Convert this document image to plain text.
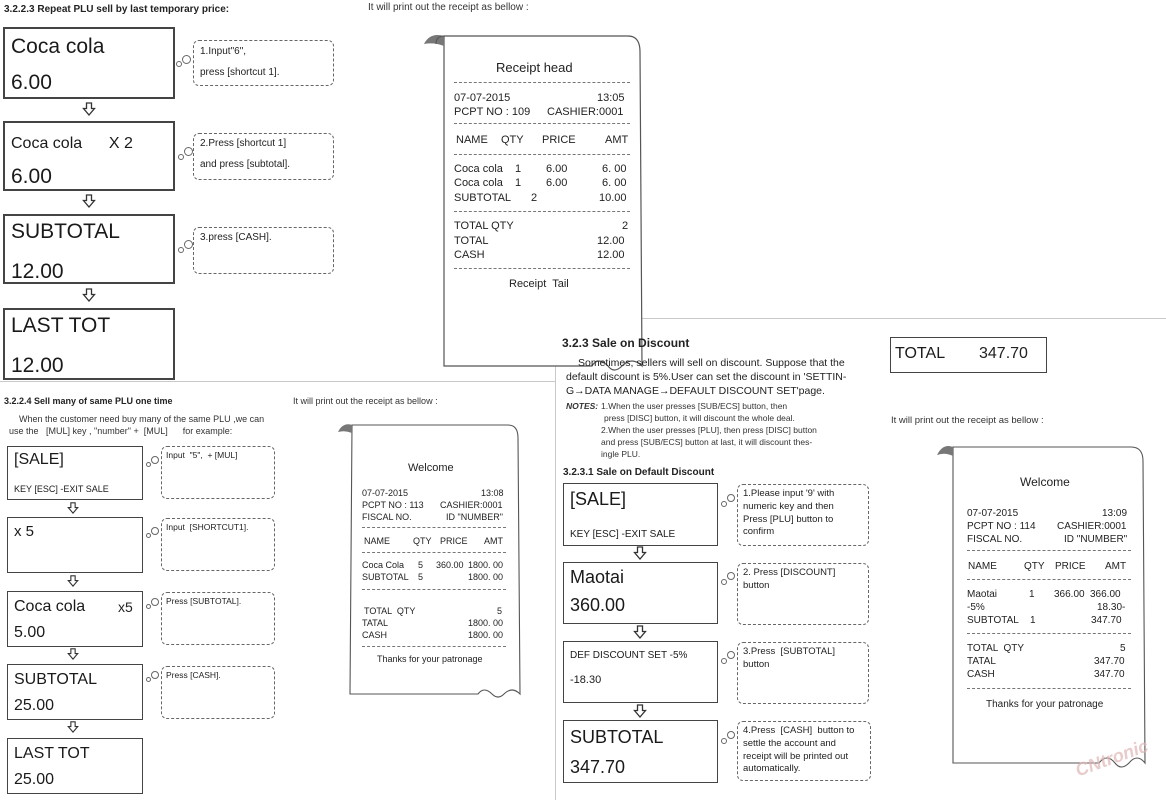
3.2.2.3 Repeat PLU sell by last temporary price:	It will print out the receipt as bellow :
Coca cola
6.00
Coca cola      X 2
6.00
SUBTOTAL
12.00
LAST TOT
12.00
1.Input"6",
press [shortcut 1].
2.Press [shortcut 1]
and press [subtotal].
3.press [CASH].
Receipt head
07-07-2015	13:05
PCPT NO : 109 CASHIER:0001
NAME QTY PRICE	AMT
Coca cola 1 6.00	6. 00
Coca cola 1 6.00	6. 00
SUBTOTAL 2	10.00
TOTAL QTY	2
TOTAL	12.00
CASH	12.00
Receipt  Tail
3.2.2.4 Sell many of same PLU one time
When the customer need buy many of the same PLU ,we can
use the   [MUL] key , "number" +  [MUL]      for example:
It will print out the receipt as bellow :
[SALE]
KEY [ESC] -EXIT SALE
x 5
Coca cola x5
5.00
SUBTOTAL
25.00
LAST TOT
25.00
Input  "5",  + [MUL]
Input  [SHORTCUT1].
Press [SUBTOTAL].
Press [CASH].
Welcome
07-07-2015	13:08
PCPT NO : 113 CASHIER:0001
FISCAL NO.	ID "NUMBER"
NAME	QTY PRICE AMT
Coca Cola 5 360.00 1800. 00
SUBTOTAL 5	1800. 00
TOTAL  QTY	5
TATAL	1800. 00
CASH	1800. 00
Thanks for your patronage
3.2.3 Sale on Discount
Sometimes, sellers will sell on discount. Suppose that the
default discount is 5%.User can set the discount in 'SETTIN-
G→DATA MANAGE→DEFAULT DISCOUNT SET'page.
NOTES: 1.When the user presses [SUB/ECS] button, then
press [DISC] button, it will discount the whole deal.
2.When the user presses [PLU], then press [DISC] button
and press [SUB/ECS] button at last, it will discount thes-
ingle PLU.
3.2.3.1 Sale on Default Discount
[SALE]
KEY [ESC] -EXIT SALE
Maotai
360.00
DEF DISCOUNT SET -5%
-18.30
SUBTOTAL
347.70
1.Please input '9' with
numeric key and then
Press [PLU] button to
confirm
2. Press [DISCOUNT]
button
3.Press  [SUBTOTAL]
button
4.Press  [CASH]  button to
settle the account and
receipt will be printed out
automatically.
TOTAL 347.70
It will print out the receipt as bellow :
Welcome
07-07-2015	13:09
PCPT NO : 114 CASHIER:0001
FISCAL NO.	ID "NUMBER"
NAME	QTY PRICE AMT
Maotai	1 366.00 366.00
-5%	18.30-
SUBTOTAL 1	347.70
TOTAL  QTY	5
TATAL	347.70
CASH	347.70
Thanks for your patronage
CNtronic
